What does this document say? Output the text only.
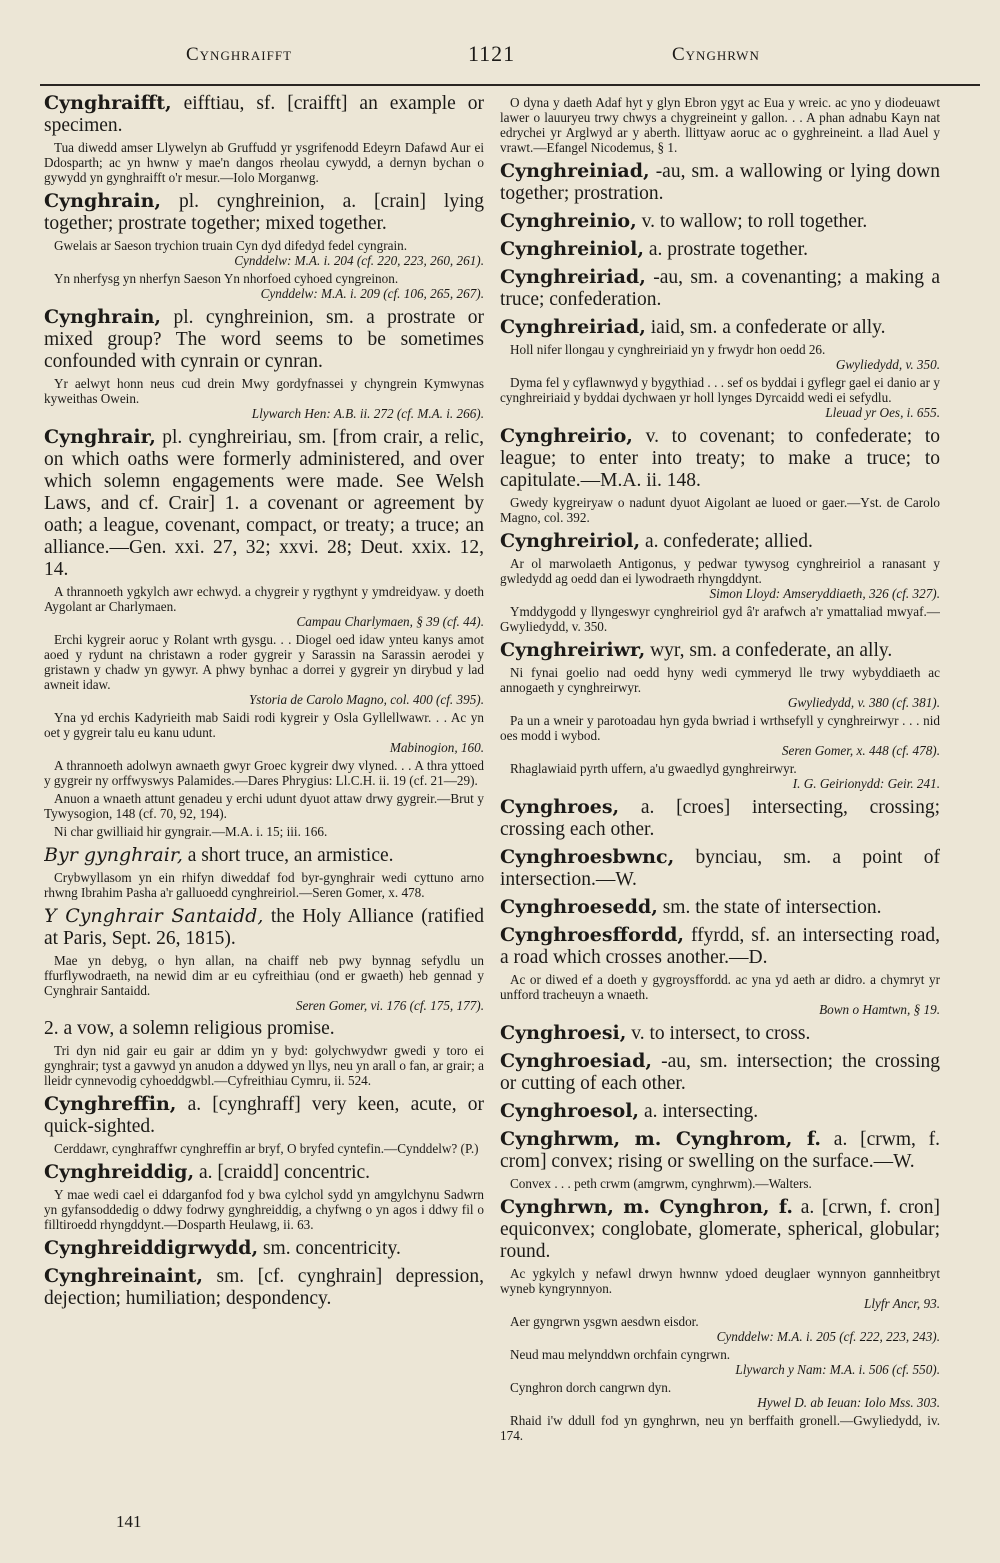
Cynghraifft	1121	Cynghrwn
Cynghraifft, eifftiau, sf. [craifft] an example or specimen.
Tua diwedd amser Llywelyn ab Gruffudd yr ysgrifenodd Edeyrn Dafawd Aur ei Ddosparth; ac yn hwnw y mae'n dangos rheolau cywydd, a dernyn bychan o gywydd yn gynghraifft o'r mesur.—Iolo Morganwg.
Cynghrain, pl. cynghreinion, a. [crain] lying together; prostrate together; mixed together.
Gwelais ar Saeson trychion truain Cyn dyd difedyd fedel cyngrain.
Cynddelw: M.A. i. 204 (cf. 220, 223, 260, 261).
Yn nherfysg yn nherfyn Saeson Yn nhorfoed cyhoed cyngreinon.
Cynddelw: M.A. i. 209 (cf. 106, 265, 267).
Cynghrain, pl. cynghreinion, sm. a prostrate or mixed group? The word seems to be sometimes confounded with cynrain or cynran.
Yr aelwyt honn neus cud drein Mwy gordyfnassei y chyngrein Kymwynas kyweithas Owein.
Llywarch Hen: A.B. ii. 272 (cf. M.A. i. 266).
Cynghrair, pl. cynghreiriau, sm. [from crair, a relic, on which oaths were formerly administered, and over which solemn engagements were made. See Welsh Laws, and cf. Crair] 1. a covenant or agreement by oath; a league, covenant, compact, or treaty; a truce; an alliance.—Gen. xxi. 27, 32; xxvi. 28; Deut. xxix. 12, 14.
A thrannoeth ygkylch awr echwyd. a chygreir y rygthynt y ymdreidyaw. y doeth Aygolant ar Charlymaen.
Campau Charlymaen, § 39 (cf. 44).
Erchi kygreir aoruc y Rolant wrth gysgu. . . Diogel oed idaw ynteu kanys amot aoed y rydunt na christawn a roder gygreir y Sarassin na Sarassin aerodei y gristawn y chadw yn gywyr. A phwy bynhac a dorrei y gygreir yn dirybud y lad awneit idaw.
Ystoria de Carolo Magno, col. 400 (cf. 395).
Yna yd erchis Kadyrieith mab Saidi rodi kygreir y Osla Gyllellwawr. . . Ac yn oet y gygreir talu eu kanu udunt.
Mabinogion, 160.
A thrannoeth adolwyn awnaeth gwyr Groec kygreir dwy vlyned. . . A thra yttoed y gygreir ny orffwyswys Palamides.—Dares Phrygius: Ll.C.H. ii. 19 (cf. 21—29).
Anuon a wnaeth attunt genadeu y erchi udunt dyuot attaw drwy gygreir.—Brut y Tywysogion, 148 (cf. 70, 92, 194).
Ni char gwilliaid hir gyngrair.—M.A. i. 15; iii. 166.
Byr gynghrair, a short truce, an armistice.
Crybwyllasom yn ein rhifyn diweddaf fod byr-gynghrair wedi cyttuno arno rhwng Ibrahim Pasha a'r galluoedd cynghreiriol.—Seren Gomer, x. 478.
Y Cynghrair Santaidd, the Holy Alliance (ratified at Paris, Sept. 26, 1815).
Mae yn debyg, o hyn allan, na chaiff neb pwy bynnag sefydlu un ffurflywodraeth, na newid dim ar eu cyfreithiau (ond er gwaeth) heb gennad y Cynghrair Santaidd.
Seren Gomer, vi. 176 (cf. 175, 177).
2. a vow, a solemn religious promise.
Tri dyn nid gair eu gair ar ddim yn y byd: golychwydwr gwedi y toro ei gynghrair; tyst a gavwyd yn anudon a ddywed yn llys, neu yn arall o fan, ar grair; a lleidr cynnevodig cyhoeddgwbl.—Cyfreithiau Cymru, ii. 524.
Cynghreffin, a. [cynghraff] very keen, acute, or quick-sighted.
Cerddawr, cynghraffwr cynghreffin ar bryf, O bryfed cyntefin.—Cynddelw? (P.)
Cynghreiddig, a. [craidd] concentric.
Y mae wedi cael ei ddarganfod fod y bwa cylchol sydd yn amgylchynu Sadwrn yn gyfansoddedig o ddwy fodrwy gynghreiddig, a chyfwng o yn agos i ddwy fil o filltiroedd rhyngddynt.—Dosparth Heulawg, ii. 63.
Cynghreiddigrwydd, sm. concentricity.
Cynghreinaint, sm. [cf. cynghrain] depression, dejection; humiliation; despondency.
O dyna y daeth Adaf hyt y glyn Ebron ygyt ac Eua y wreic. ac yno y diodeuawt lawer o lauuryeu trwy chwys a chygreineint y gallon. . . A phan adnabu Kayn nat edrychei yr Arglwyd ar y aberth. llittyaw aoruc ac o gyghreineint. a llad Auel y vrawt.—Efangel Nicodemus, § 1.
Cynghreiniad, -au, sm. a wallowing or lying down together; prostration.
Cynghreinio, v. to wallow; to roll together.
Cynghreiniol, a. prostrate together.
Cynghreiriad, -au, sm. a covenanting; a making a truce; confederation.
Cynghreiriad, iaid, sm. a confederate or ally.
Holl nifer llongau y cynghreiriaid yn y frwydr hon oedd 26.
Gwyliedydd, v. 350.
Dyma fel y cyflawnwyd y bygythiad . . . sef os byddai i gyflegr gael ei danio ar y cynghreiriaid y byddai dychwaen yr holl lynges Dyrcaidd wedi ei sefydlu.
Lleuad yr Oes, i. 655.
Cynghreirio, v. to covenant; to confederate; to league; to enter into treaty; to make a truce; to capitulate.—M.A. ii. 148.
Gwedy kygreiryaw o nadunt dyuot Aigolant ae luoed or gaer.—Yst. de Carolo Magno, col. 392.
Cynghreiriol, a. confederate; allied.
Ar ol marwolaeth Antigonus, y pedwar tywysog cynghreiriol a ranasant y gwledydd ag oedd dan ei lywodraeth rhyngddynt.
Simon Lloyd: Amseryddiaeth, 326 (cf. 327).
Ymddygodd y llyngeswyr cynghreiriol gyd â'r arafwch a'r ymattaliad mwyaf.—Gwyliedydd, v. 350.
Cynghreiriwr, wyr, sm. a confederate, an ally.
Ni fynai goelio nad oedd hyny wedi cymmeryd lle trwy wybyddiaeth ac annogaeth y cynghreirwyr.
Gwyliedydd, v. 380 (cf. 381).
Pa un a wneir y parotoadau hyn gyda bwriad i wrthsefyll y cynghreirwyr . . . nid oes modd i wybod.
Seren Gomer, x. 448 (cf. 478).
Rhaglawiaid pyrth uffern, a'u gwaedlyd gynghreirwyr.
I. G. Geirionydd: Geir. 241.
Cynghroes, a. [croes] intersecting, crossing; crossing each other.
Cynghroesbwnc, bynciau, sm. a point of intersection.—W.
Cynghroesedd, sm. the state of intersection.
Cynghroesffordd, ffyrdd, sf. an intersecting road, a road which crosses another.—D.
Ac or diwed ef a doeth y gygroysffordd. ac yna yd aeth ar didro. a chymryt yr unfford tracheuyn a wnaeth.
Bown o Hamtwn, § 19.
Cynghroesi, v. to intersect, to cross.
Cynghroesiad, -au, sm. intersection; the crossing or cutting of each other.
Cynghroesol, a. intersecting.
Cynghrwm, m. Cynghrom, f. a. [crwm, f. crom] convex; rising or swelling on the surface.—W.
Convex . . . peth crwm (amgrwm, cynghrwm).—Walters.
Cynghrwn, m. Cynghron, f. a. [crwn, f. cron] equiconvex; conglobate, glomerate, spherical, globular; round.
Ac ygkylch y nefawl drwyn hwnnw ydoed deuglaer wynnyon gannheitbryt wyneb kyngrynnyon.
Llyfr Ancr, 93.
Aer gyngrwn ysgwn aesdwn eisdor.
Cynddelw: M.A. i. 205 (cf. 222, 223, 243).
Neud mau melynddwn orchfain cyngrwn.
Llywarch y Nam: M.A. i. 506 (cf. 550).
Cynghron dorch cangrwn dyn.
Hywel D. ab Ieuan: Iolo Mss. 303.
Rhaid i'w ddull fod yn gynghrwn, neu yn berffaith gronell.—Gwyliedydd, iv. 174.
141
